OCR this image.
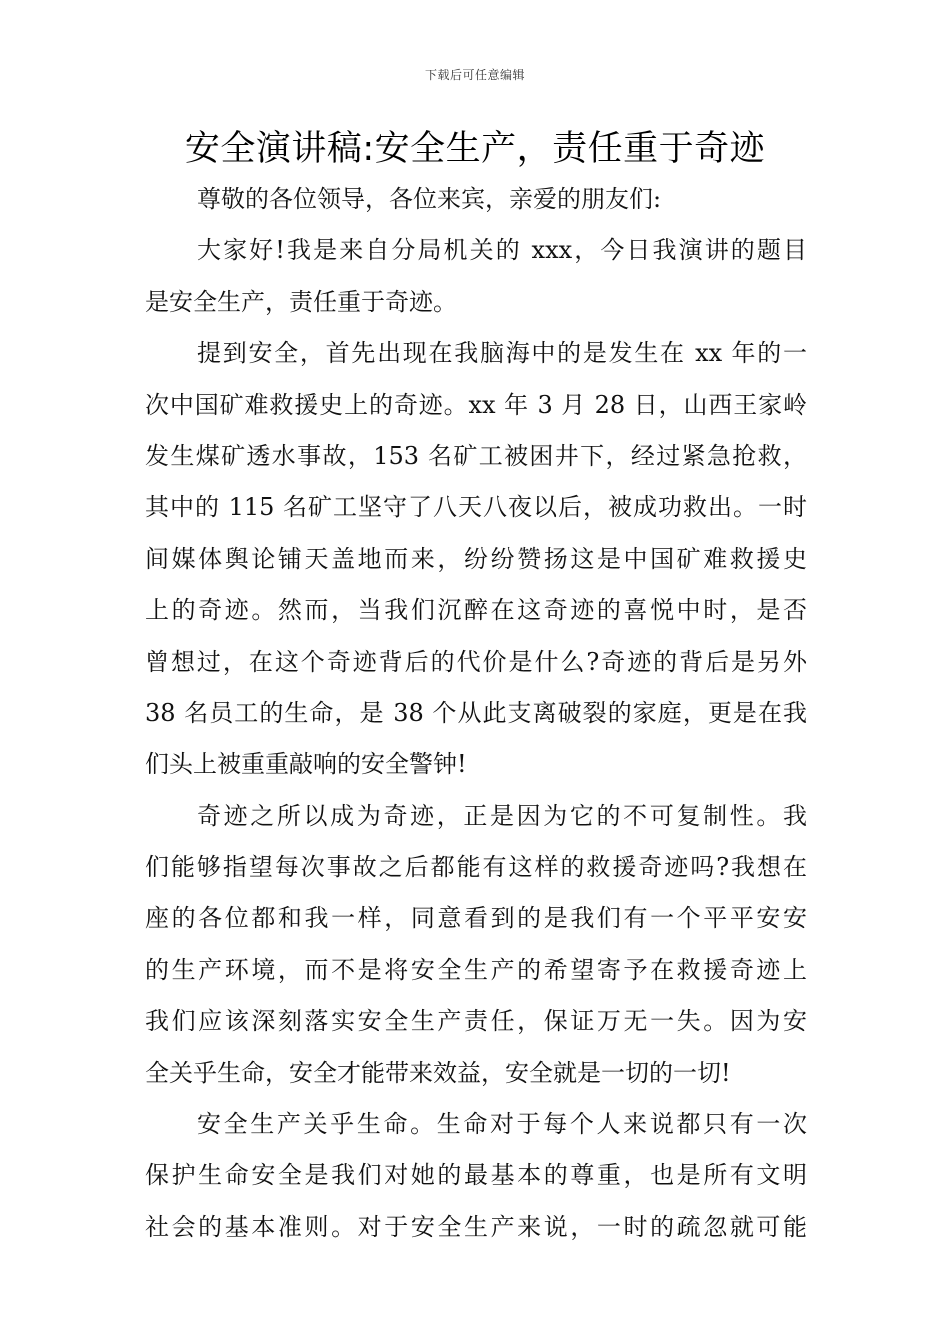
下载后可任意编辑
安全演讲稿:安全生产，责任重于奇迹
尊敬的各位领导，各位来宾，亲爱的朋友们:
大家好!我是来自分局机关的 xxx，今日我演讲的题目
是安全生产，责任重于奇迹。
提到安全，首先出现在我脑海中的是发生在 xx 年的一
次中国矿难救援史上的奇迹。xx 年 3 月 28 日，山西王家岭
发生煤矿透水事故，153 名矿工被困井下，经过紧急抢救，
其中的 115 名矿工坚守了八天八夜以后，被成功救出。一时
间媒体舆论铺天盖地而来，纷纷赞扬这是中国矿难救援史
上的奇迹。然而，当我们沉醉在这奇迹的喜悦中时，是否
曾想过，在这个奇迹背后的代价是什么?奇迹的背后是另外
38 名员工的生命，是 38 个从此支离破裂的家庭，更是在我
们头上被重重敲响的安全警钟!
奇迹之所以成为奇迹，正是因为它的不可复制性。我
们能够指望每次事故之后都能有这样的救援奇迹吗?我想在
座的各位都和我一样，同意看到的是我们有一个平平安安
的生产环境，而不是将安全生产的希望寄予在救援奇迹上
我们应该深刻落实安全生产责任，保证万无一失。因为安
全关乎生命，安全才能带来效益，安全就是一切的一切!
安全生产关乎生命。生命对于每个人来说都只有一次
保护生命安全是我们对她的最基本的尊重，也是所有文明
社会的基本准则。对于安全生产来说，一时的疏忽就可能
